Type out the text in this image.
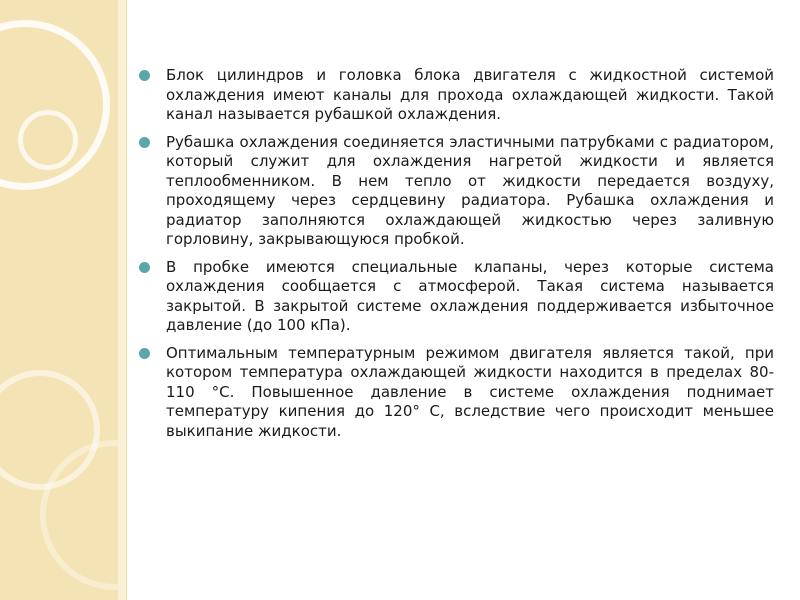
Блок цилиндров и головка блока двигателя с жидкостной системой охлаждения имеют каналы для прохода охлаждающей жидкости. Такой канал называется рубашкой охлаждения.

Рубашка охлаждения соединяется эластичными патрубками с радиатором, который служит для охлаждения нагретой жидкости и является теплообменником. В нем тепло от жидкости передается воздуху, проходящему через сердцевину радиатора. Рубашка охлаждения и радиатор заполняются охлаждающей жидкостью через заливную горловину, закрывающуюся пробкой.

В пробке имеются специальные клапаны, через которые система охлаждения сообщается с атмосферой. Такая система называется закрытой. В закрытой системе охлаждения поддерживается избыточное давление (до 100 кПа).

Оптимальным температурным режимом двигателя является такой, при котором температура охлаждающей жидкости находится в пределах 80-110 °С. Повышенное давление в системе охлаждения поднимает температуру кипения до 120° С, вследствие чего происходит меньшее выкипание жидкости.
